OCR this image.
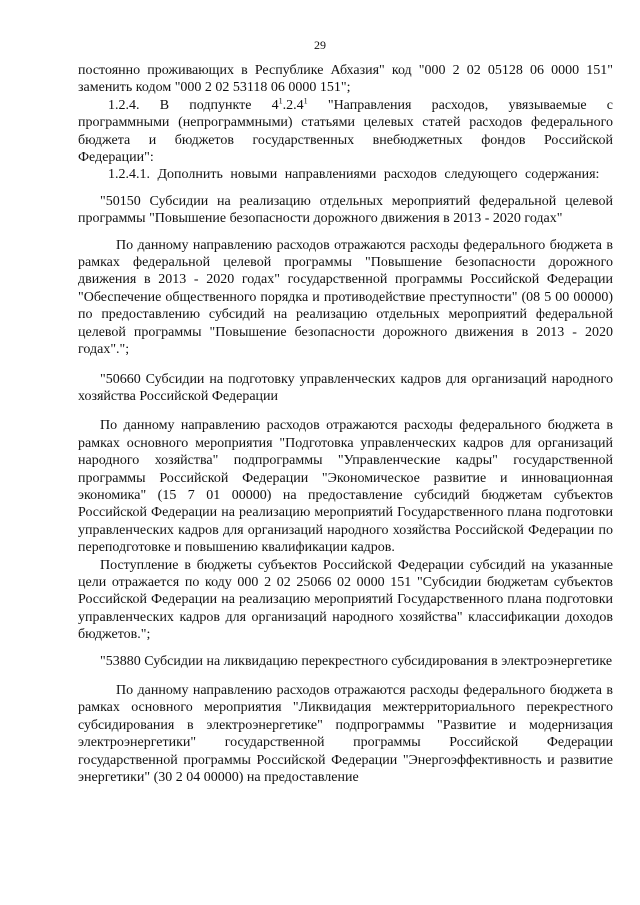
29

постоянно проживающих в Республике Абхазия" код "000 2 02 05128 06 0000 151" заменить кодом "000 2 02 53118 06 0000 151";

1.2.4. В подпункте $4^1.2.4^1$ "Направления расходов, увязываемые с программными (непрограммными) статьями целевых статей расходов федерального бюджета и бюджетов государственных внебюджетных фондов Российской Федерации":

1.2.4.1. Дополнить новыми направлениями расходов следующего содержания:

"50150 Субсидии на реализацию отдельных мероприятий федеральной целевой программы "Повышение безопасности дорожного движения в 2013 - 2020 годах"

По данному направлению расходов отражаются расходы федерального бюджета в рамках федеральной целевой программы "Повышение безопасности дорожного движения в 2013 - 2020 годах" государственной программы Российской Федерации "Обеспечение общественного порядка и противодействие преступности" (08 5 00 00000) по предоставлению субсидий на реализацию отдельных мероприятий федеральной целевой программы "Повышение безопасности дорожного движения в 2013 - 2020 годах".";

"50660 Субсидии на подготовку управленческих кадров для организаций народного хозяйства Российской Федерации

По данному направлению расходов отражаются расходы федерального бюджета в рамках основного мероприятия "Подготовка управленческих кадров для организаций народного хозяйства" подпрограммы "Управленческие кадры" государственной программы Российской Федерации "Экономическое развитие и инновационная экономика" (15 7 01 00000) на предоставление субсидий бюджетам субъектов Российской Федерации на реализацию мероприятий Государственного плана подготовки управленческих кадров для организаций народного хозяйства Российской Федерации по переподготовке и повышению квалификации кадров.

Поступление в бюджеты субъектов Российской Федерации субсидий на указанные цели отражается по коду 000 2 02 25066 02 0000 151 "Субсидии бюджетам субъектов Российской Федерации на реализацию мероприятий Государственного плана подготовки управленческих кадров для организаций народного хозяйства" классификации доходов бюджетов.";

"53880 Субсидии на ликвидацию перекрестного субсидирования в электроэнергетике

По данному направлению расходов отражаются расходы федерального бюджета в рамках основного мероприятия "Ликвидация межтерриториального перекрестного субсидирования в электроэнергетике" подпрограммы "Развитие и модернизация электроэнергетики" государственной программы Российской Федерации государственной программы Российской Федерации "Энергоэффективность и развитие энергетики" (30 2 04 00000) на предоставление
